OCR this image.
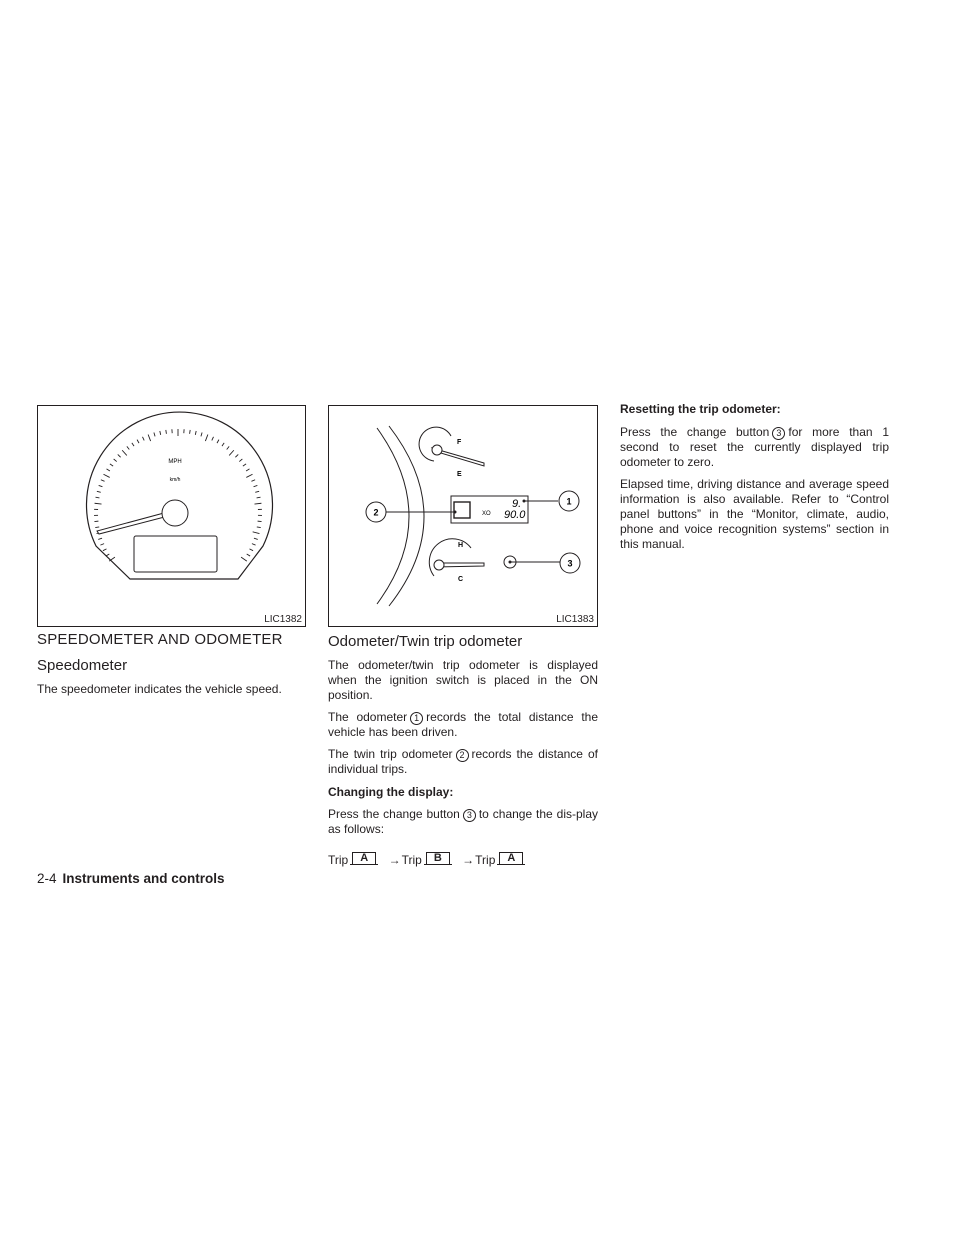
MPH
km/h
LIC1382
F
E
XO
9.
90.0
H
C
1
2
3
LIC1383
SPEEDOMETER AND ODOMETER
Speedometer

The speedometer indicates the vehicle speed.

Odometer/Twin trip odometer

The odometer/twin trip odometer is displayed when the ignition switch is placed in the ON position.

The odometer 1 records the total distance the vehicle has been driven.

The twin trip odometer 2 records the distance of individual trips.

Changing the display:

Press the change button 3 to change the dis-play as follows:

Trip	A	→Trip	B	→Trip	A
Resetting the trip odometer:

Press the change button 3 for more than 1 second to reset the currently displayed trip odometer to zero.

Elapsed time, driving distance and average speed information is also available. Refer to “Control panel buttons” in the “Monitor, climate, audio, phone and voice recognition systems” section in this manual.

2-4 Instruments and controls
